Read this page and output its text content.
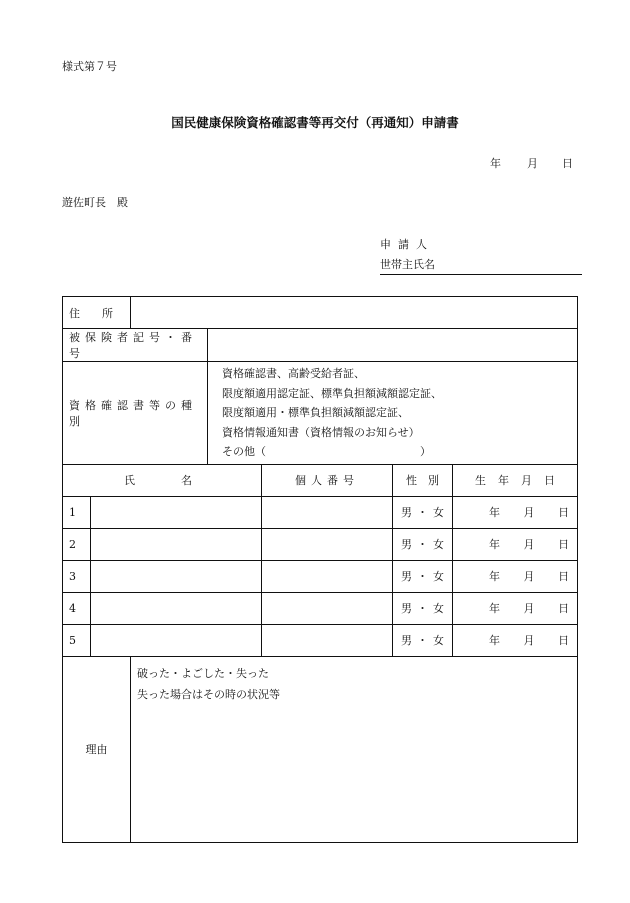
様式第７号
国民健康保険資格確認書等再交付（再通知）申請書
年 月 日
遊佐町長　殿
申請人
世帯主氏名
住　　所						
被保険者記号・番号						
資格確認書等の種別			資格確認書、高齢受給者証、
限度額適用認定証、標準負担額減額認定証、
限度額適用・標準負担額減額認定証、
資格情報通知書（資格情報のお知らせ）
その他（　　　　　　　　　　　　　　）			

氏　　名				個人番号	性　別	生年月日
1					男 ・ 女	年 月 日

2					男 ・ 女	年 月 日

3					男 ・ 女	年 月 日

4					男 ・ 女	年 月 日

5					男 ・ 女	年 月 日

理由		破った・よごした・失った
失った場合はその時の状況等				
